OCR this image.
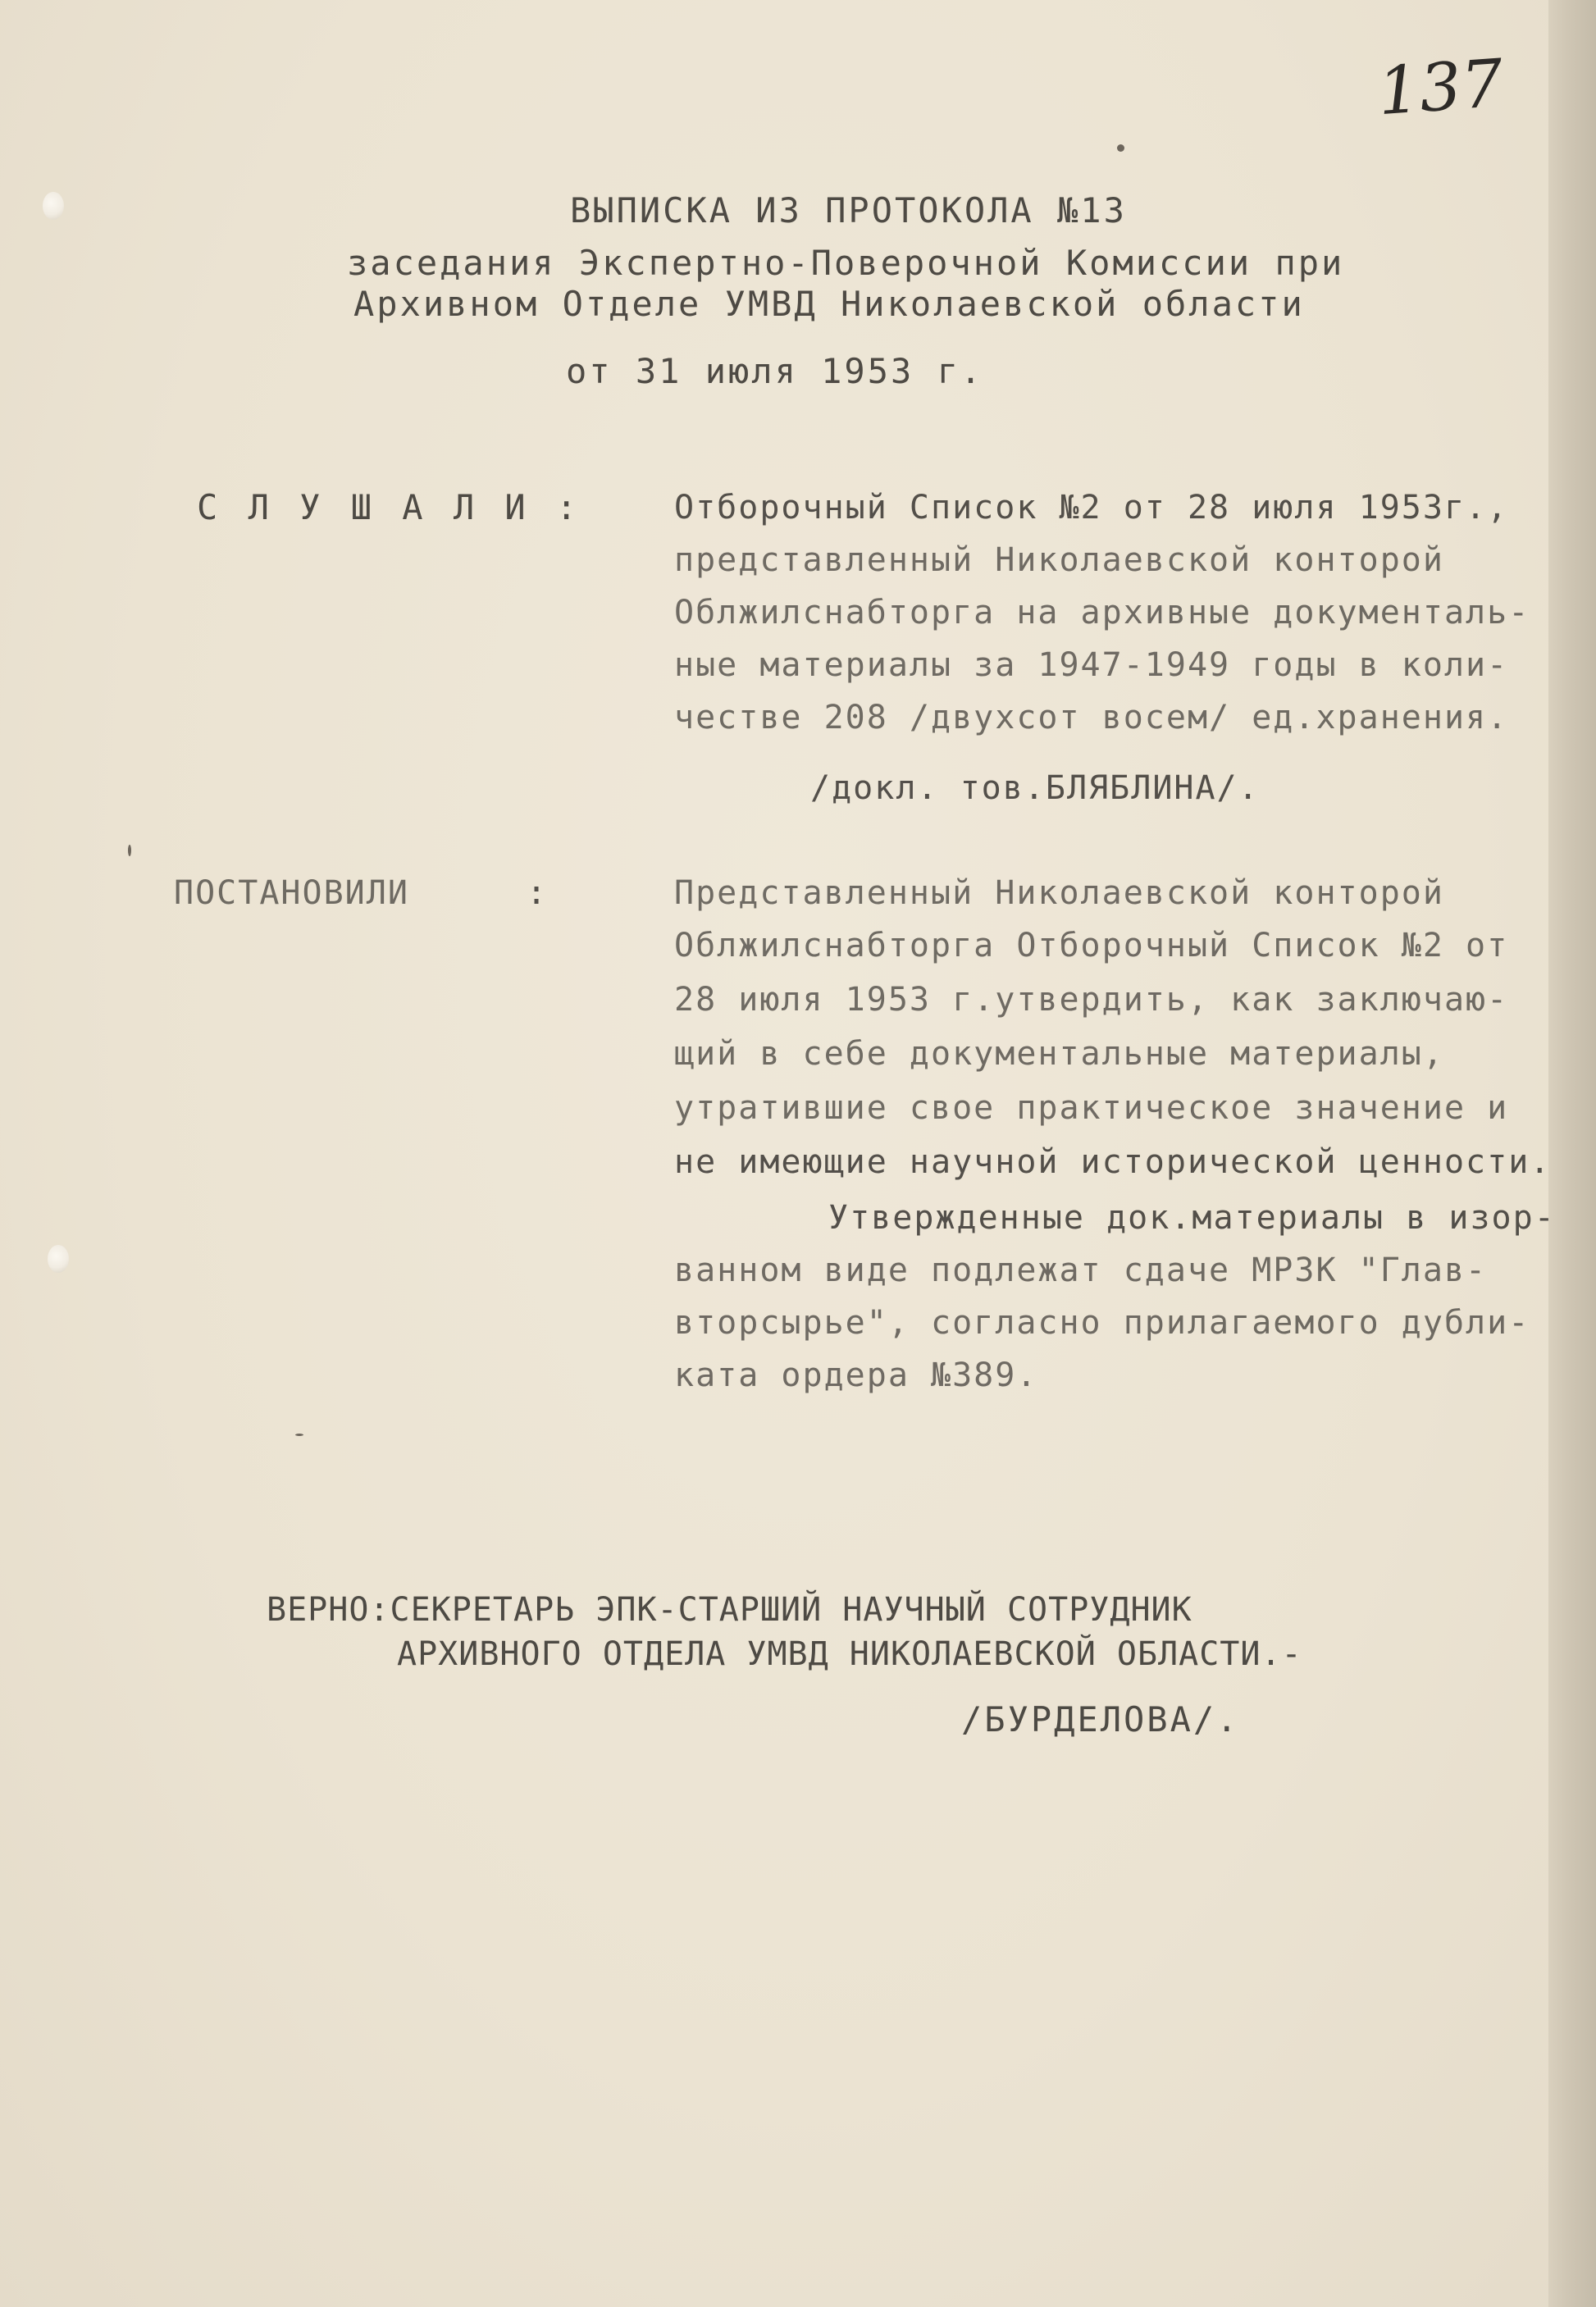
137
ВЫПИСКА ИЗ ПРОТОКОЛА №13
заседания Экспертно-Поверочной Комиссии при
Архивном Отделе УМВД Николаевской области
от 31 июля 1953 г.
С Л У Ш А Л И :	Отборочный Список №2 от 28 июля 1953г.,
представленный Николаевской конторой
Облжилснабторга на архивные документаль-
ные материалы за 1947-1949 годы в коли-
честве 208 /двухсот восем/ ед.хранения.
/докл. тов.БЛЯБЛИНА/.
ПОСТАНОВИЛИ	:	Представленный Николаевской конторой
Облжилснабторга Отборочный Список №2 от
28 июля 1953 г.утвердить, как заключаю-
щий в себе документальные материалы,
утратившие свое практическое значение и
не имеющие научной исторической ценности.
Утвержденные док.материалы в изор-
ванном виде подлежат сдаче МРЗК "Глав-
вторсырье", согласно прилагаемого дубли-
ката ордера №389.
ВЕРНО:СЕКРЕТАРЬ ЭПК-СТАРШИЙ НАУЧНЫЙ СОТРУДНИК
АРХИВНОГО ОТДЕЛА УМВД НИКОЛАЕВСКОЙ ОБЛАСТИ.-
/БУРДЕЛОВА/.
